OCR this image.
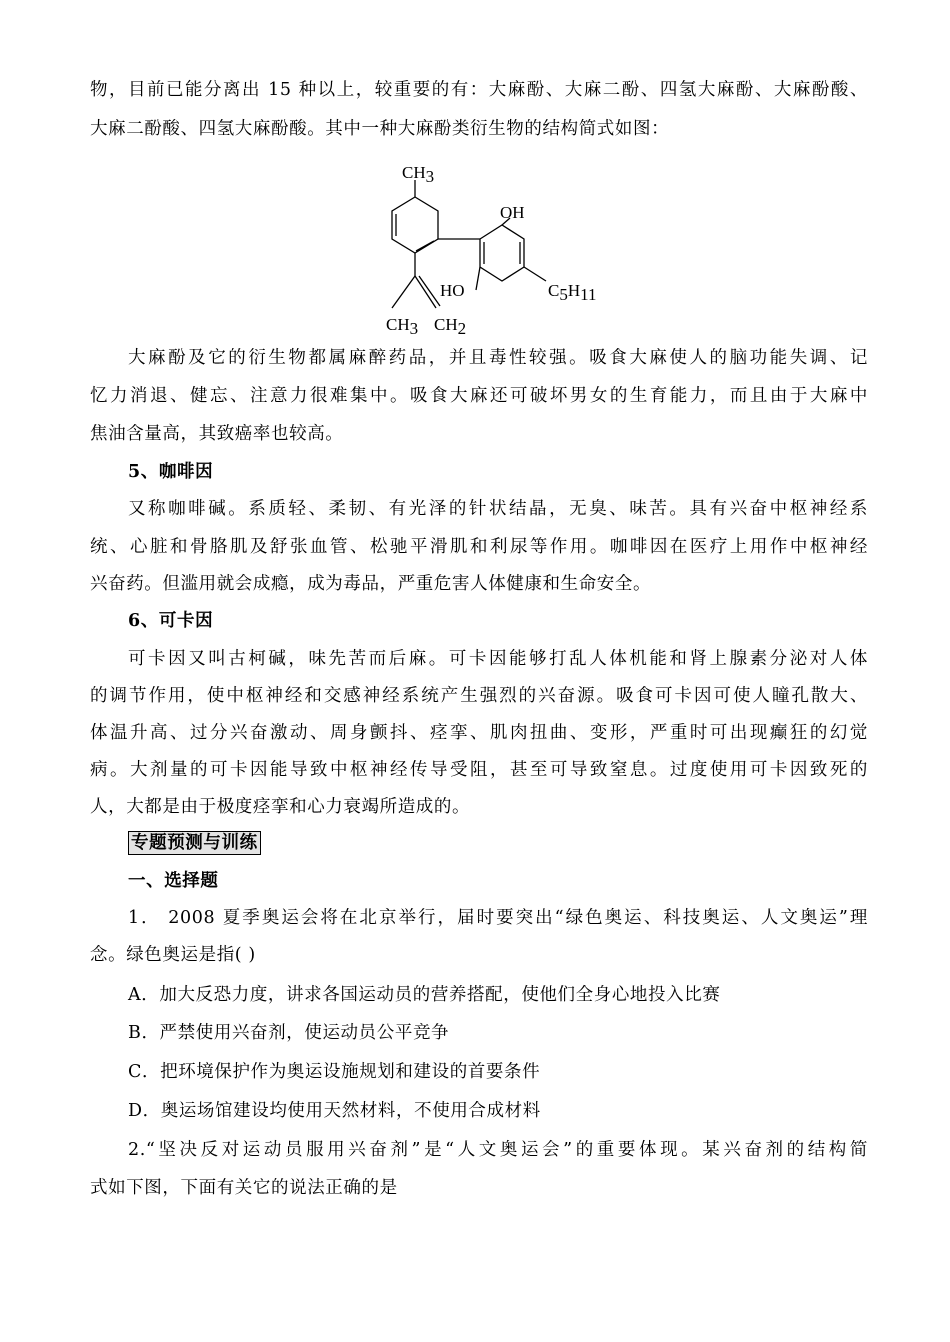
物，目前已能分离出 15 种以上，较重要的有：大麻酚、大麻二酚、四氢大麻酚、大麻酚酸、
大麻二酚酸、四氢大麻酚酸。其中一种大麻酚类衍生物的结构简式如图：
CH3
OH
HO	C5H11
CH3 CH2
大麻酚及它的衍生物都属麻醉药品，并且毒性较强。吸食大麻使人的脑功能失调、记
忆力消退、健忘、注意力很难集中。吸食大麻还可破坏男女的生育能力，而且由于大麻中
焦油含量高，其致癌率也较高。
5、咖啡因
又称咖啡碱。系质轻、柔韧、有光泽的针状结晶，无臭、味苦。具有兴奋中枢神经系
统、心脏和骨胳肌及舒张血管、松驰平滑肌和利尿等作用。咖啡因在医疗上用作中枢神经
兴奋药。但滥用就会成瘾，成为毒品，严重危害人体健康和生命安全。
6、可卡因
可卡因又叫古柯碱，味先苦而后麻。可卡因能够打乱人体机能和肾上腺素分泌对人体
的调节作用，使中枢神经和交感神经系统产生强烈的兴奋源。吸食可卡因可使人瞳孔散大、
体温升高、过分兴奋激动、周身颤抖、痉挛、肌肉扭曲、变形，严重时可出现癫狂的幻觉
病。大剂量的可卡因能导致中枢神经传导受阻，甚至可导致窒息。过度使用可卡因致死的
人，大都是由于极度痉挛和心力衰竭所造成的。
专题预测与训练
一、选择题
1． 2008 夏季奥运会将在北京举行，届时要突出“绿色奥运、科技奥运、人文奥运”理
念。绿色奥运是指( )
A．加大反恐力度，讲求各国运动员的营养搭配，使他们全身心地投入比赛
B．严禁使用兴奋剂，使运动员公平竞争
C．把环境保护作为奥运设施规划和建设的首要条件
D．奥运场馆建设均使用天然材料，不使用合成材料
2.“坚决反对运动员服用兴奋剂”是“人文奥运会”的重要体现。某兴奋剂的结构简
式如下图，下面有关它的说法正确的是
